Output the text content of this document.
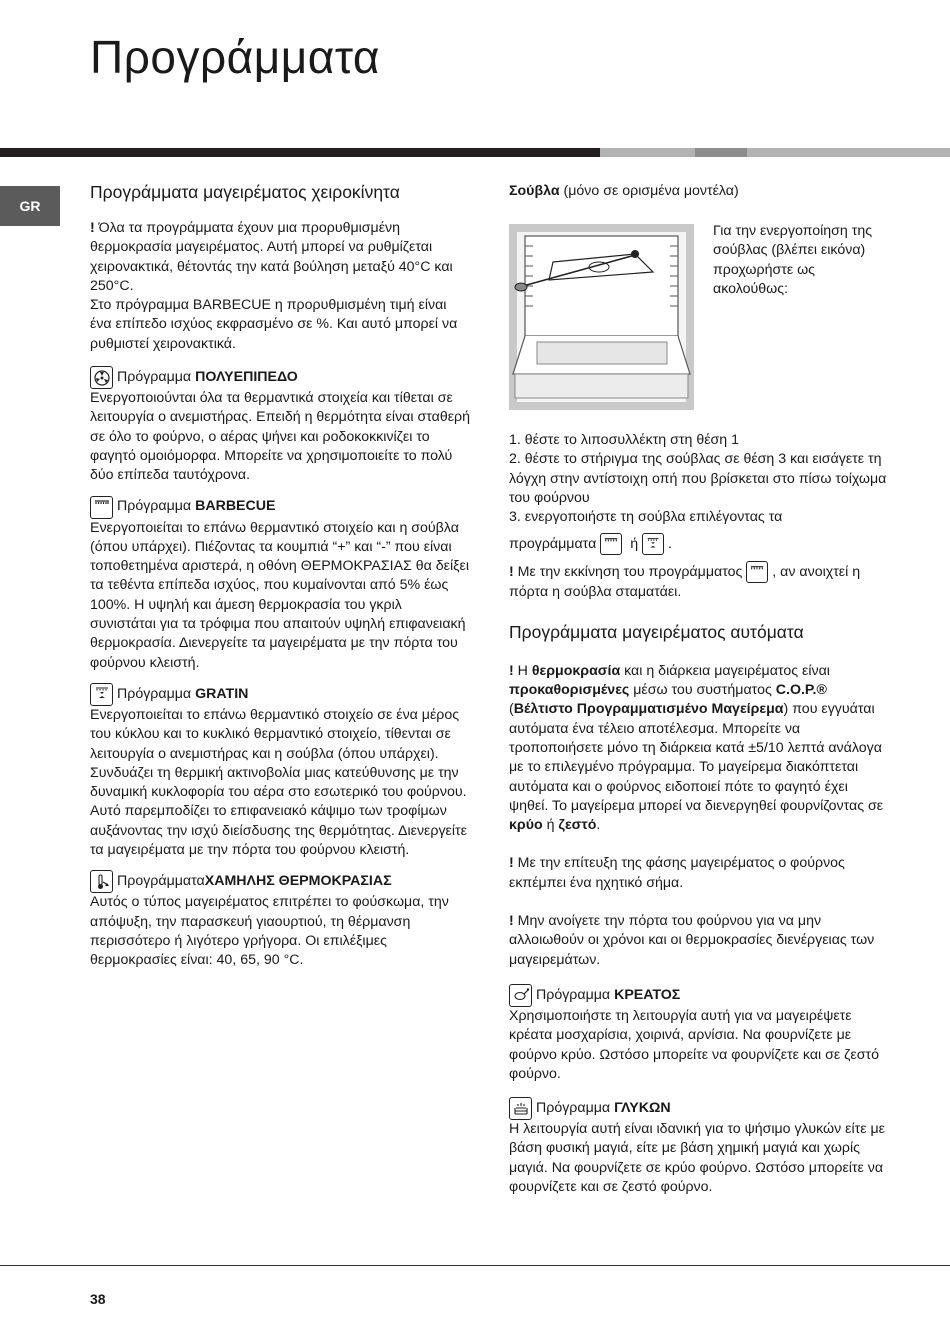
Προγράμματα
GR
Προγράμματα μαγειρέματος χειροκίνητα

! Όλα τα προγράμματα έχουν μια προρυθμισμένη θερμοκρασία μαγειρέματος. Αυτή μπορεί να ρυθμίζεται χειρονακτικά, θέτοντάς την κατά βούληση μεταξύ 40°C και 250°C.

Στο πρόγραμμα BARBECUE η προρυθμισμένη τιμή είναι ένα επίπεδο ισχύος εκφρασμένο σε %. Και αυτό μπορεί να ρυθμιστεί χειρονακτικά.

Πρόγραμμα
ΠΟΛΥΕΠΙΠΕΔΟ

Ενεργοποιούνται όλα τα θερμαντικά στοιχεία και τίθεται σε λειτουργία ο ανεμιστήρας. Επειδή η θερμότητα είναι σταθερή σε όλο το φούρνο, ο αέρας ψήνει και ροδοκοκκινίζει το φαγητό ομοιόμορφα. Μπορείτε να χρησιμοποιείτε το πολύ δύο επίπεδα ταυτόχρονα.

Πρόγραμμα
BARBECUE

Ενεργοποιείται το επάνω θερμαντικό στοιχείο και η σούβλα (όπου υπάρχει). Πιέζοντας τα κουμπιά “+” και “-” που είναι τοποθετημένα αριστερά, η οθόνη ΘΕΡΜΟΚΡΑΣΙΑΣ θα δείξει τα τεθέντα επίπεδα ισχύος, που κυμαίνονται από 5% έως 100%. Η υψηλή και άμεση θερμοκρασία του γκριλ συνιστάται για τα τρόφιμα που απαιτούν υψηλή επιφανειακή θερμοκρασία. Διενεργείτε τα μαγειρέματα με την πόρτα του φούρνου κλειστή.

Πρόγραμμα
GRATIN

Ενεργοποιείται το επάνω θερμαντικό στοιχείο σε ένα μέρος του κύκλου και το κυκλικό θερμαντικό στοιχείο, τίθενται σε λειτουργία ο ανεμιστήρας και η σούβλα (όπου υπάρχει). Συνδυάζει τη θερμική ακτινοβολία μιας κατεύθυνσης με την δυναμική κυκλοφορία του αέρα στο εσωτερικό του φούρνου. Αυτό παρεμποδίζει το επιφανειακό κάψιμο των τροφίμων αυξάνοντας την ισχύ διείσδυσης της θερμότητας. Διενεργείτε τα μαγειρέματα με την πόρτα του φούρνου κλειστή.

Προγράμματα ΧΑΜΗΛΗΣ ΘΕΡΜΟΚΡΑΣΙΑΣ

Αυτός ο τύπος μαγειρέματος επιτρέπει το φούσκωμα, την απόψυξη, την παρασκευή γιαουρτιού, τη θέρμανση περισσότερο ή λιγότερο γρήγορα. Οι επιλέξιμες θερμοκρασίες είναι: 40, 65, 90 °C.

Σούβλα (μόνο σε ορισμένα μοντέλα)

Για την ενεργοποίηση της σούβλας (βλέπει εικόνα) προχωρήστε ως ακολούθως:

1. θέστε το λιποσυλλέκτη στη θέση 1

2. θέστε το στήριγμα της σούβλας σε θέση 3 και εισάγετε τη λόγχη στην αντίστοιχη οπή που βρίσκεται στο πίσω τοίχωμα του φούρνου

3. ενεργοποιήστε τη σούβλα επιλέγοντας τα

προγράμματα ή .

! Με την εκκίνηση του προγράμματος , αν ανοιχτεί η πόρτα η σούβλα σταματάει.

Προγράμματα μαγειρέματος αυτόματα

! Η θερμοκρασία και η διάρκεια μαγειρέματος είναι προκαθορισμένες μέσω του συστήματος C.O.P.® (Βέλτιστο Προγραμματισμένο Μαγείρεμα) που εγγυάται αυτόματα ένα τέλειο αποτέλεσμα. Μπορείτε να τροποποιήσετε μόνο τη διάρκεια κατά ±5/10 λεπτά ανάλογα με το επιλεγμένο πρόγραμμα. Το μαγείρεμα διακόπτεται αυτόματα και ο φούρνος ειδοποιεί πότε το φαγητό έχει ψηθεί. Το μαγείρεμα μπορεί να διενεργηθεί φουρνίζοντας σε κρύο ή ζεστό.

! Με την επίτευξη της φάσης μαγειρέματος ο φούρνος εκπέμπει ένα ηχητικό σήμα.

! Μην ανοίγετε την πόρτα του φούρνου για να μην αλλοιωθούν οι χρόνοι και οι θερμοκρασίες διενέργειας των μαγειρεμάτων.

Πρόγραμμα
ΚΡΕΑΤΟΣ

Χρησιμοποιήστε τη λειτουργία αυτή για να μαγειρέψετε κρέατα μοσχαρίσια, χοιρινά, αρνίσια. Να φουρνίζετε με φούρνο κρύο. Ωστόσο μπορείτε να φουρνίζετε και σε ζεστό φούρνο.

Πρόγραμμα
ΓΛΥΚΩΝ

Η λειτουργία αυτή είναι ιδανική για το ψήσιμο γλυκών είτε με βάση φυσική μαγιά, είτε με βάση χημική μαγιά και χωρίς μαγιά. Να φουρνίζετε σε κρύο φούρνο. Ωστόσο μπορείτε να φουρνίζετε και σε ζεστό φούρνο.

38
